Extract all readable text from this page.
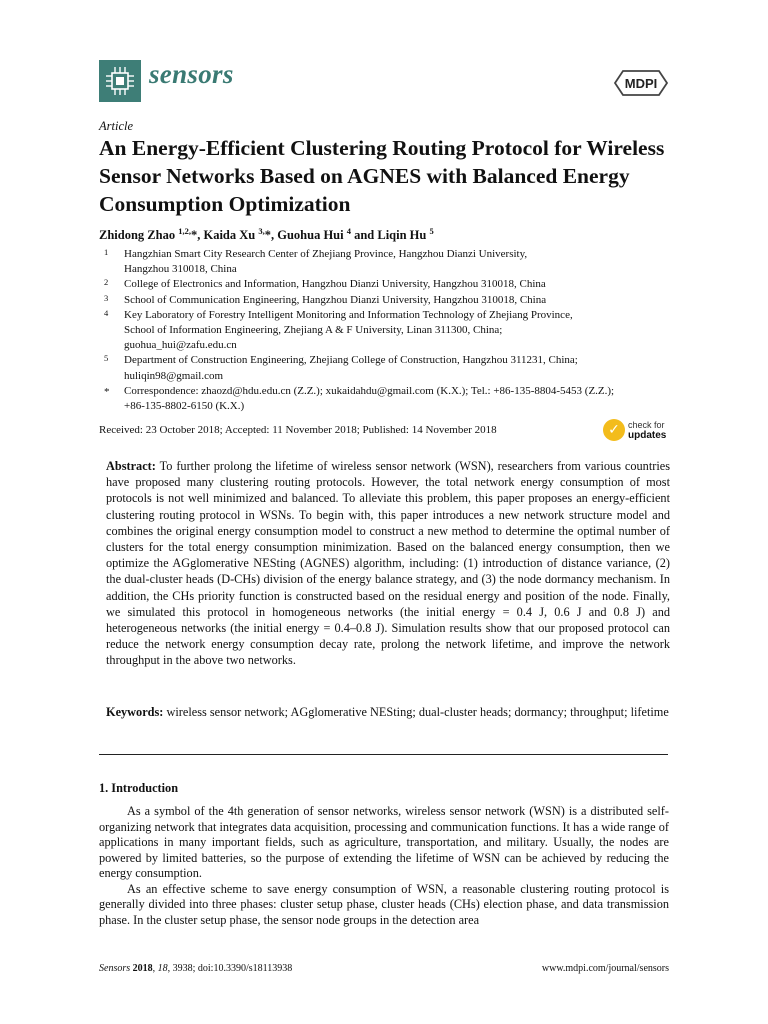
sensors	MDPI
Article
An Energy-Efficient Clustering Routing Protocol for Wireless Sensor Networks Based on AGNES with Balanced Energy Consumption Optimization
Zhidong Zhao $^{1,2,}$*, Kaida Xu $^{3,}$*, Guohua Hui $^4$ and Liqin Hu $^5$
1 Hangzhian Smart City Research Center of Zhejiang Province, Hangzhou Dianzi University,
Hangzhou 310018, China
2 College of Electronics and Information, Hangzhou Dianzi University, Hangzhou 310018, China
3 School of Communication Engineering, Hangzhou Dianzi University, Hangzhou 310018, China
4 Key Laboratory of Forestry Intelligent Monitoring and Information Technology of Zhejiang Province,
School of Information Engineering, Zhejiang A & F University, Linan 311300, China;
guohua_hui@zafu.edu.cn
5 Department of Construction Engineering, Zhejiang College of Construction, Hangzhou 311231, China;
huliqin98@gmail.com
* Correspondence: zhaozd@hdu.edu.cn (Z.Z.); xukaidahdu@gmail.com (K.X.); Tel.: +86-135-8804-5453 (Z.Z.);
+86-135-8802-6150 (K.X.)
Received: 23 October 2018; Accepted: 11 November 2018; Published: 14 November 2018	✓ check for
updates
Abstract: To further prolong the lifetime of wireless sensor network (WSN), researchers from various countries have proposed many clustering routing protocols. However, the total network energy consumption of most protocols is not well minimized and balanced. To alleviate this problem, this paper proposes an energy-efficient clustering routing protocol in WSNs. To begin with, this paper introduces a new network structure model and combines the original energy consumption model to construct a new method to determine the optimal number of clusters for the total energy consumption minimization. Based on the balanced energy consumption, then we optimize the AGglomerative NESting (AGNES) algorithm, including: (1) introduction of distance variance, (2) the dual-cluster heads (D-CHs) division of the energy balance strategy, and (3) the node dormancy mechanism. In addition, the CHs priority function is constructed based on the residual energy and position of the node. Finally, we simulated this protocol in homogeneous networks (the initial energy = 0.4 J, 0.6 J and 0.8 J) and heterogeneous networks (the initial energy = 0.4–0.8 J). Simulation results show that our proposed protocol can reduce the network energy consumption decay rate, prolong the network lifetime, and improve the network throughput in the above two networks.
Keywords: wireless sensor network; AGglomerative NESting; dual-cluster heads; dormancy; throughput; lifetime
1. Introduction

As a symbol of the 4th generation of sensor networks, wireless sensor network (WSN) is a distributed self-organizing network that integrates data acquisition, processing and communication functions. It has a wide range of applications in many important fields, such as agriculture, transportation, and military. Usually, the nodes are powered by limited batteries, so the purpose of extending the lifetime of WSN can be achieved by reducing the energy consumption.

As an effective scheme to save energy consumption of WSN, a reasonable clustering routing protocol is generally divided into three phases: cluster setup phase, cluster heads (CHs) election phase, and data transmission phase. In the cluster setup phase, the sensor node groups in the detection area

Sensors 2018, 18, 3938; doi:10.3390/s18113938	www.mdpi.com/journal/sensors
